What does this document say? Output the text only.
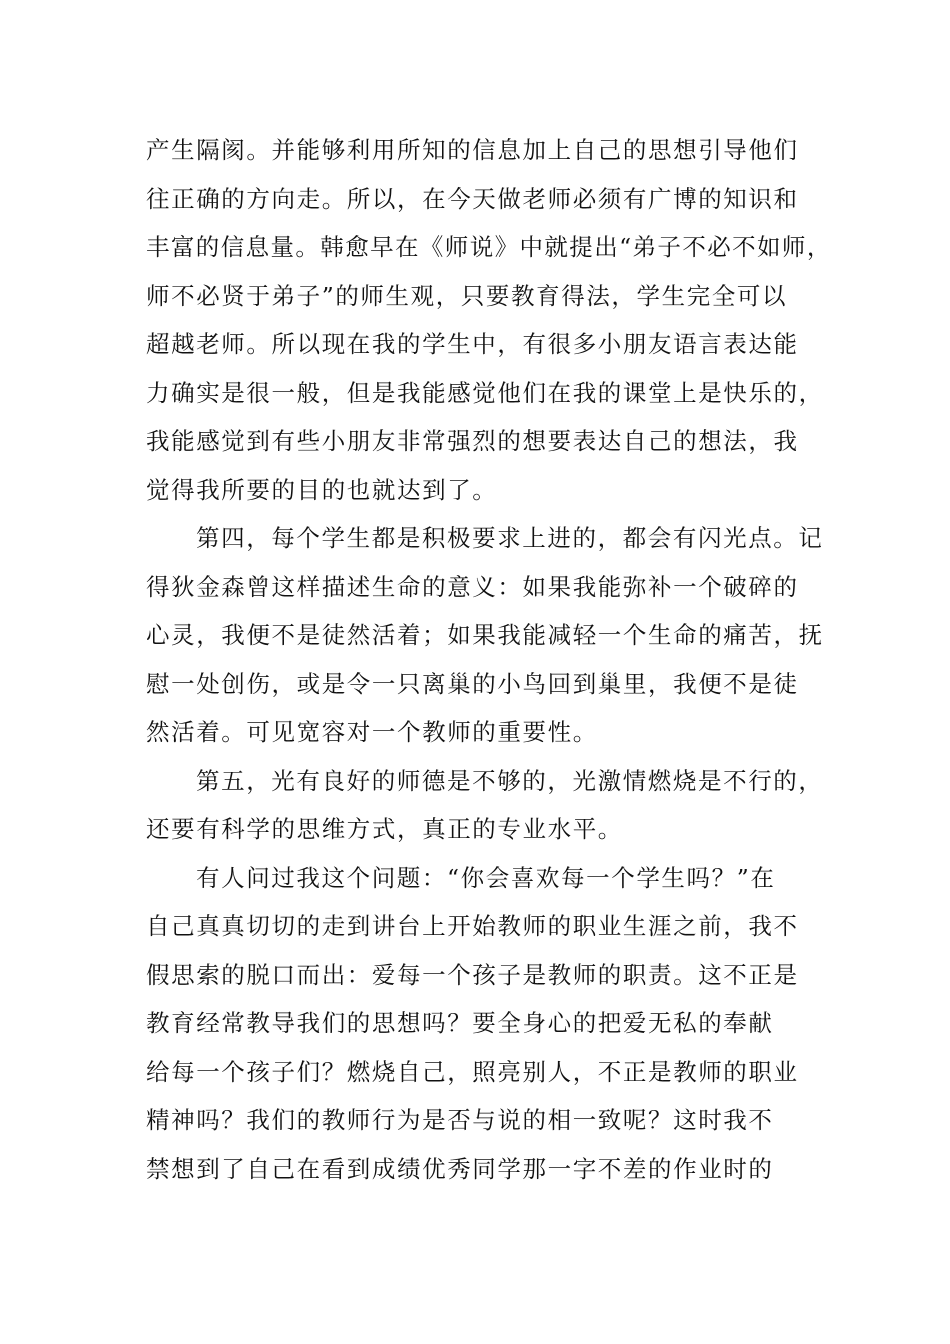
产生隔阂。并能够利用所知的信息加上自己的思想引导他们
往正确的方向走。所以，在今天做老师必须有广博的知识和
丰富的信息量。韩愈早在《师说》中就提出“弟子不必不如师，
师不必贤于弟子”的师生观，只要教育得法，学生完全可以
超越老师。所以现在我的学生中，有很多小朋友语言表达能
力确实是很一般，但是我能感觉他们在我的课堂上是快乐的，
我能感觉到有些小朋友非常强烈的想要表达自己的想法，我
觉得我所要的目的也就达到了。
第四，每个学生都是积极要求上进的，都会有闪光点。记
得狄金森曾这样描述生命的意义：如果我能弥补一个破碎的
心灵，我便不是徒然活着；如果我能减轻一个生命的痛苦，抚
慰一处创伤，或是令一只离巢的小鸟回到巢里，我便不是徒
然活着。可见宽容对一个教师的重要性。
第五，光有良好的师德是不够的，光激情燃烧是不行的，
还要有科学的思维方式，真正的专业水平。
有人问过我这个问题：“你会喜欢每一个学生吗？”在
自己真真切切的走到讲台上开始教师的职业生涯之前，我不
假思索的脱口而出：爱每一个孩子是教师的职责。这不正是
教育经常教导我们的思想吗？要全身心的把爱无私的奉献
给每一个孩子们？燃烧自己，照亮别人，不正是教师的职业
精神吗？我们的教师行为是否与说的相一致呢？这时我不
禁想到了自己在看到成绩优秀同学那一字不差的作业时的
